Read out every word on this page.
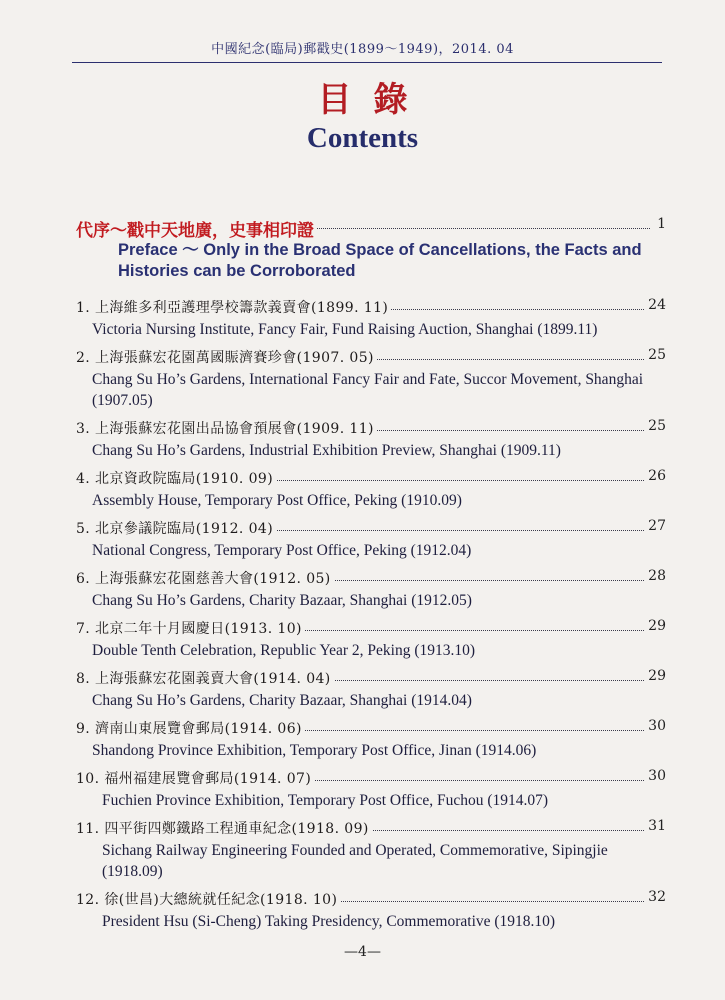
中國紀念(臨局)郵戳史(1899〜1949)，2014. 04
目錄
Contents
代序〜戳中天地廣，史事相印證	1
Preface 〜 Only in the Broad Space of Cancellations, the Facts and Histories can be Corroborated
1. 上海維多利亞護理學校籌款義賣會(1899. 11)	24
Victoria Nursing Institute, Fancy Fair, Fund Raising Auction, Shanghai (1899.11)
2. 上海張蘇宏花園萬國賑濟賽珍會(1907. 05)	25
Chang Su Ho’s Gardens, International Fancy Fair and Fate, Succor Movement, Shanghai (1907.05)
3. 上海張蘇宏花園出品協會預展會(1909. 11)	25
Chang Su Ho’s Gardens, Industrial Exhibition Preview, Shanghai (1909.11)
4. 北京資政院臨局(1910. 09)	26
Assembly House, Temporary Post Office, Peking (1910.09)
5. 北京參議院臨局(1912. 04)	27
National Congress, Temporary Post Office, Peking (1912.04)
6. 上海張蘇宏花園慈善大會(1912. 05)	28
Chang Su Ho’s Gardens, Charity Bazaar, Shanghai (1912.05)
7. 北京二年十月國慶日(1913. 10)	29
Double Tenth Celebration, Republic Year 2, Peking (1913.10)
8. 上海張蘇宏花園義賣大會(1914. 04)	29
Chang Su Ho’s Gardens, Charity Bazaar, Shanghai (1914.04)
9. 濟南山東展覽會郵局(1914. 06)	30
Shandong Province Exhibition, Temporary Post Office, Jinan (1914.06)
10. 福州福建展覽會郵局(1914. 07)	30
Fuchien Province Exhibition, Temporary Post Office, Fuchou (1914.07)
11. 四平街四鄭鐵路工程通車紀念(1918. 09)	31
Sichang Railway Engineering Founded and Operated, Commemorative, Sipingjie (1918.09)
12. 徐(世昌)大總統就任紀念(1918. 10)	32
President Hsu (Si-Cheng) Taking Presidency, Commemorative (1918.10)
—4—
